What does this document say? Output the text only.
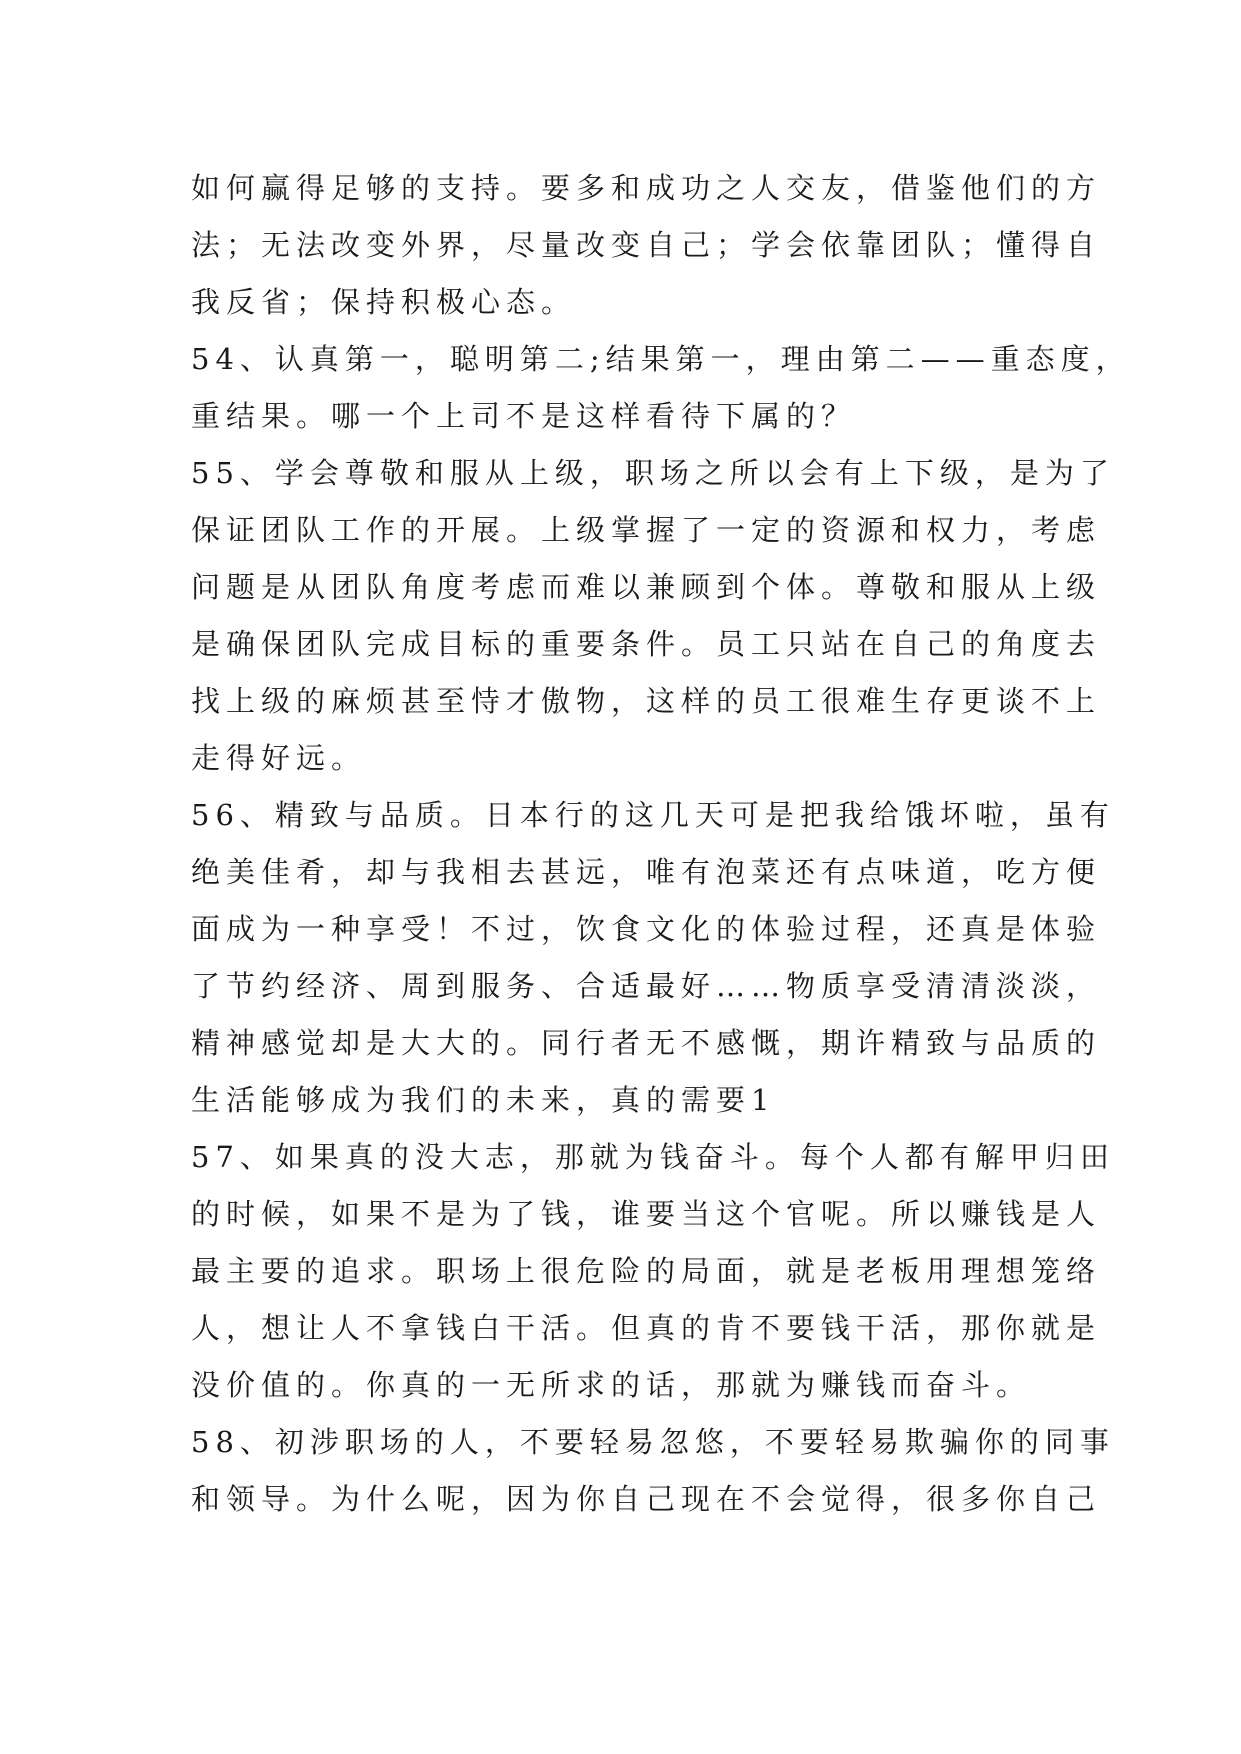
如何赢得足够的支持。要多和成功之人交友，借鉴他们的方
法；无法改变外界，尽量改变自己；学会依靠团队；懂得自
我反省；保持积极心态。
54、认真第一，聪明第二;结果第一，理由第二——重态度，
重结果。哪一个上司不是这样看待下属的？
55、学会尊敬和服从上级，职场之所以会有上下级，是为了
保证团队工作的开展。上级掌握了一定的资源和权力，考虑
问题是从团队角度考虑而难以兼顾到个体。尊敬和服从上级
是确保团队完成目标的重要条件。员工只站在自己的角度去
找上级的麻烦甚至恃才傲物，这样的员工很难生存更谈不上
走得好远。
56、精致与品质。日本行的这几天可是把我给饿坏啦，虽有
绝美佳肴，却与我相去甚远，唯有泡菜还有点味道，吃方便
面成为一种享受！不过，饮食文化的体验过程，还真是体验
了节约经济、周到服务、合适最好……物质享受清清淡淡，
精神感觉却是大大的。同行者无不感慨，期许精致与品质的
生活能够成为我们的未来，真的需要1
57、如果真的没大志，那就为钱奋斗。每个人都有解甲归田
的时候，如果不是为了钱，谁要当这个官呢。所以赚钱是人
最主要的追求。职场上很危险的局面，就是老板用理想笼络
人，想让人不拿钱白干活。但真的肯不要钱干活，那你就是
没价值的。你真的一无所求的话，那就为赚钱而奋斗。
58、初涉职场的人，不要轻易忽悠，不要轻易欺骗你的同事
和领导。为什么呢，因为你自己现在不会觉得，很多你自己
